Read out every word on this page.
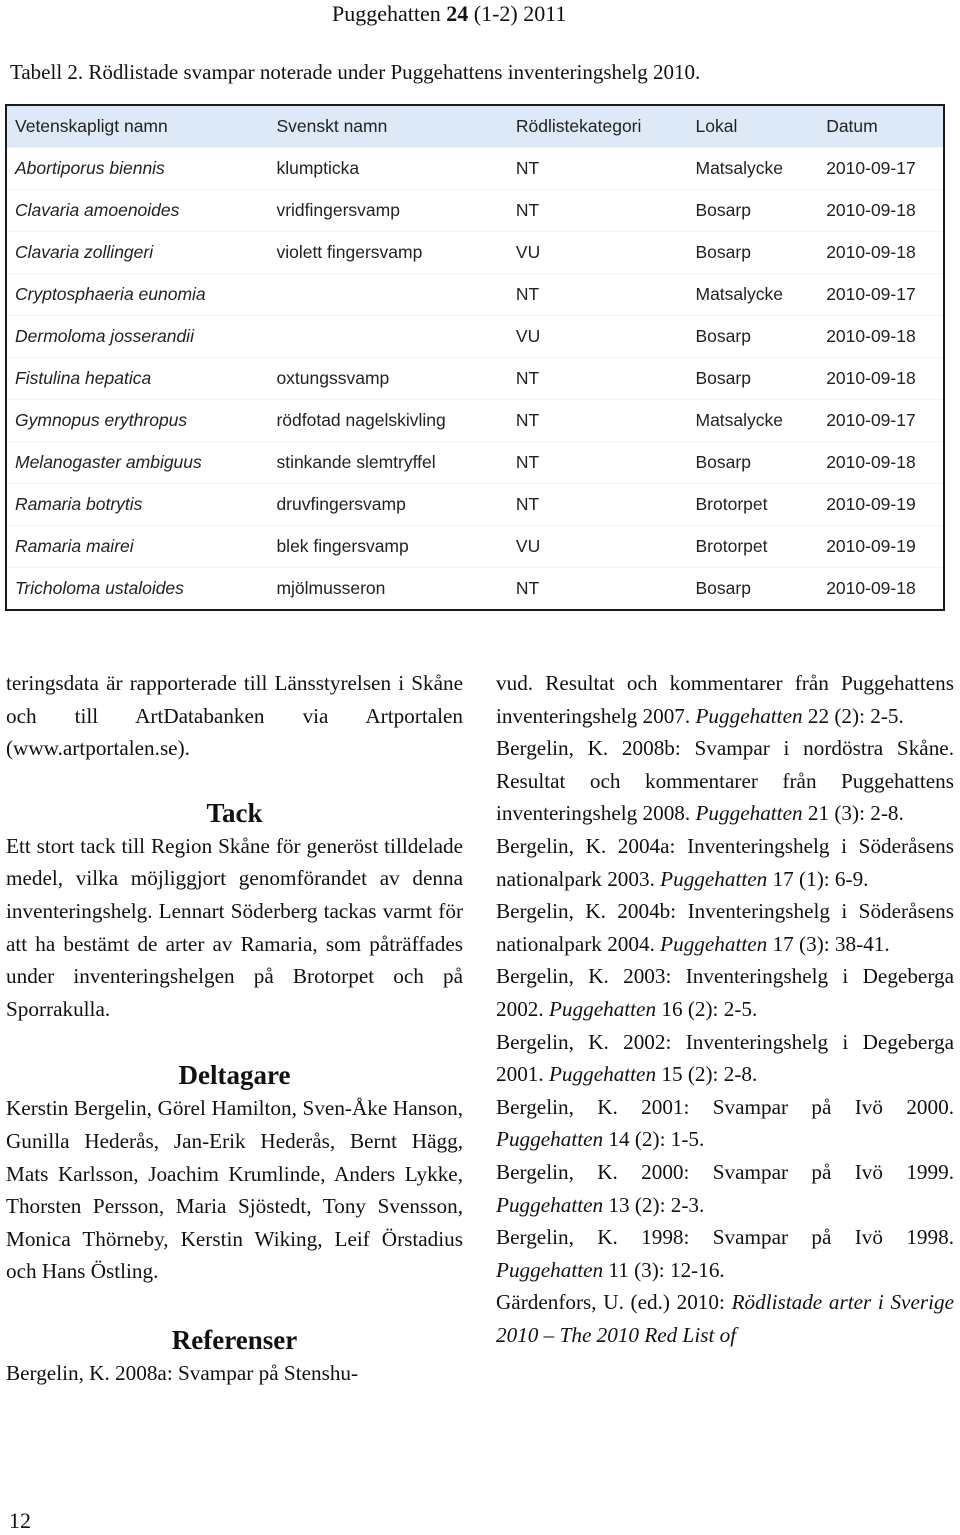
Puggehatten 24 (1-2) 2011
Tabell 2. Rödlistade svampar noterade under Puggehattens inventeringshelg 2010.
Vetenskapligt namn	Svenskt namn	Rödlistekategori	Lokal	Datum
Abortiporus biennis	klumpticka	NT	Matsalycke	2010-09-17
Clavaria amoenoides	vridfingersvamp	NT	Bosarp	2010-09-18
Clavaria zollingeri	violett fingersvamp	VU	Bosarp	2010-09-18
Cryptosphaeria eunomia		NT	Matsalycke	2010-09-17
Dermoloma josserandii		VU	Bosarp	2010-09-18
Fistulina hepatica	oxtungssvamp	NT	Bosarp	2010-09-18
Gymnopus erythropus	rödfotad nagelskivling	NT	Matsalycke	2010-09-17
Melanogaster ambiguus	stinkande slemtryffel	NT	Bosarp	2010-09-18
Ramaria botrytis	druvfingersvamp	NT	Brotorpet	2010-09-19
Ramaria mairei	blek fingersvamp	VU	Brotorpet	2010-09-19
Tricholoma ustaloides	mjölmusseron	NT	Bosarp	2010-09-18

teringsdata är rapporterade till Länsstyrelsen i Skåne och till ArtDatabanken via Artportalen (www.artportalen.se).

Tack

Ett stort tack till Region Skåne för generöst tilldelade medel, vilka möjliggjort genomförandet av denna inventeringshelg. Lennart Söderberg tackas varmt för att ha bestämt de arter av Ramaria, som påträffades under inventeringshelgen på Brotorpet och på Sporrakulla.

Deltagare

Kerstin Bergelin, Görel Hamilton, Sven-Åke Hanson, Gunilla Hederås, Jan-Erik Hederås, Bernt Hägg, Mats Karlsson, Joachim Krumlinde, Anders Lykke, Thorsten Persson, Maria Sjöstedt, Tony Svensson, Monica Thörneby, Kerstin Wiking, Leif Örstadius och Hans Östling.

Referenser

Bergelin, K. 2008a: Svampar på Stenshu-

vud. Resultat och kommentarer från Puggehattens inventeringshelg 2007. Puggehatten 22 (2): 2-5.

Bergelin, K. 2008b: Svampar i nordöstra Skåne. Resultat och kommentarer från Puggehattens inventeringshelg 2008. Puggehatten 21 (3): 2-8.

Bergelin, K. 2004a: Inventeringshelg i Söderåsens nationalpark 2003. Puggehatten 17 (1): 6-9.

Bergelin, K. 2004b: Inventeringshelg i Söderåsens nationalpark 2004. Puggehatten 17 (3): 38-41.

Bergelin, K. 2003: Inventeringshelg i Degeberga 2002. Puggehatten 16 (2): 2-5.

Bergelin, K. 2002: Inventeringshelg i Degeberga 2001. Puggehatten 15 (2): 2-8.

Bergelin, K. 2001: Svampar på Ivö 2000. Puggehatten 14 (2): 1-5.

Bergelin, K. 2000: Svampar på Ivö 1999. Puggehatten 13 (2): 2-3.

Bergelin, K. 1998: Svampar på Ivö 1998. Puggehatten 11 (3): 12-16.

Gärdenfors, U. (ed.) 2010: Rödlistade arter i Sverige 2010 – The 2010 Red List of

12
